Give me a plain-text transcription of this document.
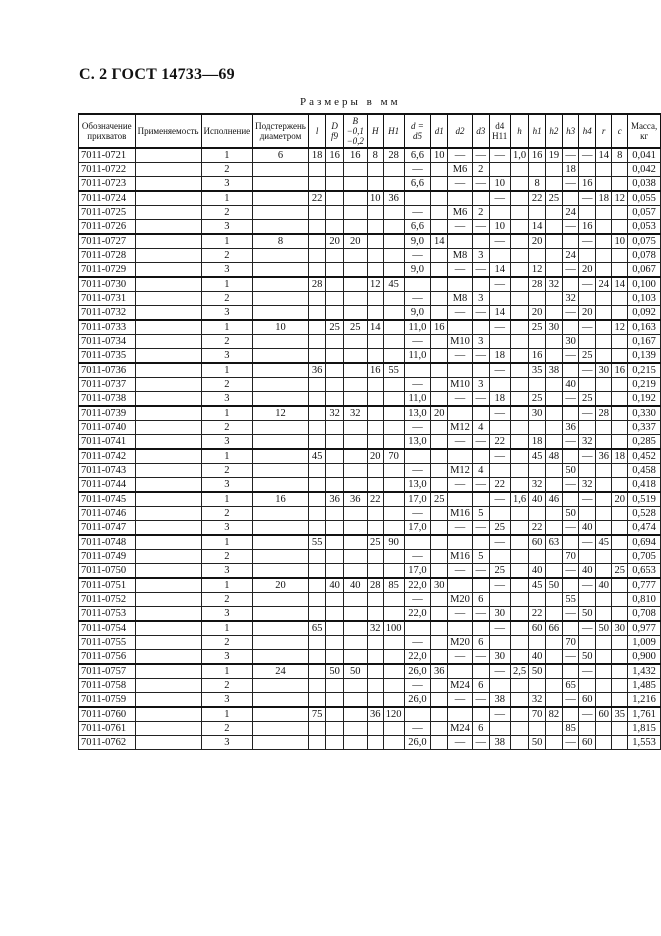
С. 2 ГОСТ 14733—69
Размеры в мм
Обозначение прихватов	Применяемость	Исполнение	Подстержень диаметром	l	D f9	B −0,1 −0,2	H	H1	d = d5	d1	d2	d3	d4 H11	h	h1	h2	h3	h4	r	c	Масса, кг
7011-0721		1	6	18	16	16	8	28	6,6	10	—	—	—	1,0	16	19	—	—	14	8	0,041
7011-0722		2							—		M6	2					18				0,042
7011-0723		3							6,6		—	—	10		8		—	16			0,038
7011-0724		1		22			10	36					—		22	25		—	18	12	0,055
7011-0725		2							—		M6	2					24				0,057
7011-0726		3							6,6		—	—	10		14		—	16			0,053
7011-0727		1	8		20	20			9,0	14			—		20			—		10	0,075
7011-0728		2							—		M8	3					24				0,078
7011-0729		3							9,0		—	—	14		12		—	20			0,067
7011-0730		1		28			12	45					—		28	32		—	24	14	0,100
7011-0731		2							—		M8	3					32				0,103
7011-0732		3							9,0		—	—	14		20		—	20			0,092
7011-0733		1	10		25	25	14		11,0	16			—		25	30		—		12	0,163
7011-0734		2							—		M10	3					30				0,167
7011-0735		3							11,0		—	—	18		16		—	25			0,139
7011-0736		1		36			16	55					—		35	38		—	30	16	0,215
7011-0737		2							—		M10	3					40				0,219
7011-0738		3							11,0		—	—	18		25		—	25			0,192
7011-0739		1	12		32	32			13,0	20			—		30			—	28		0,330
7011-0740		2							—		M12	4					36				0,337
7011-0741		3							13,0		—	—	22		18		—	32			0,285
7011-0742		1		45			20	70					—		45	48		—	36	18	0,452
7011-0743		2							—		M12	4					50				0,458
7011-0744		3							13,0		—	—	22		32		—	32			0,418
7011-0745		1	16		36	36	22		17,0	25			—	1,6	40	46		—		20	0,519
7011-0746		2							—		M16	5					50				0,528
7011-0747		3							17,0		—	—	25		22		—	40			0,474
7011-0748		1		55			25	90					—		60	63		—	45		0,694
7011-0749		2							—		M16	5					70				0,705
7011-0750		3							17,0		—	—	25		40		—	40		25	0,653
7011-0751		1	20		40	40	28	85	22,0	30			—		45	50		—	40		0,777
7011-0752		2							—		M20	6					55				0,810
7011-0753		3							22,0		—	—	30		22		—	50			0,708
7011-0754		1		65			32	100					—		60	66		—	50	30	0,977
7011-0755		2							—		M20	6					70				1,009
7011-0756		3							22,0		—	—	30		40		—	50			0,900
7011-0757		1	24		50	50			26,0	36			—	2,5	50			—			1,432
7011-0758		2							—		M24	6					65				1,485
7011-0759		3							26,0		—	—	38		32		—	60			1,216
7011-0760		1		75			36	120					—		70	82		—	60	35	1,761
7011-0761		2							—		M24	6					85				1,815
7011-0762		3							26,0		—	—	38		50		—	60			1,553
